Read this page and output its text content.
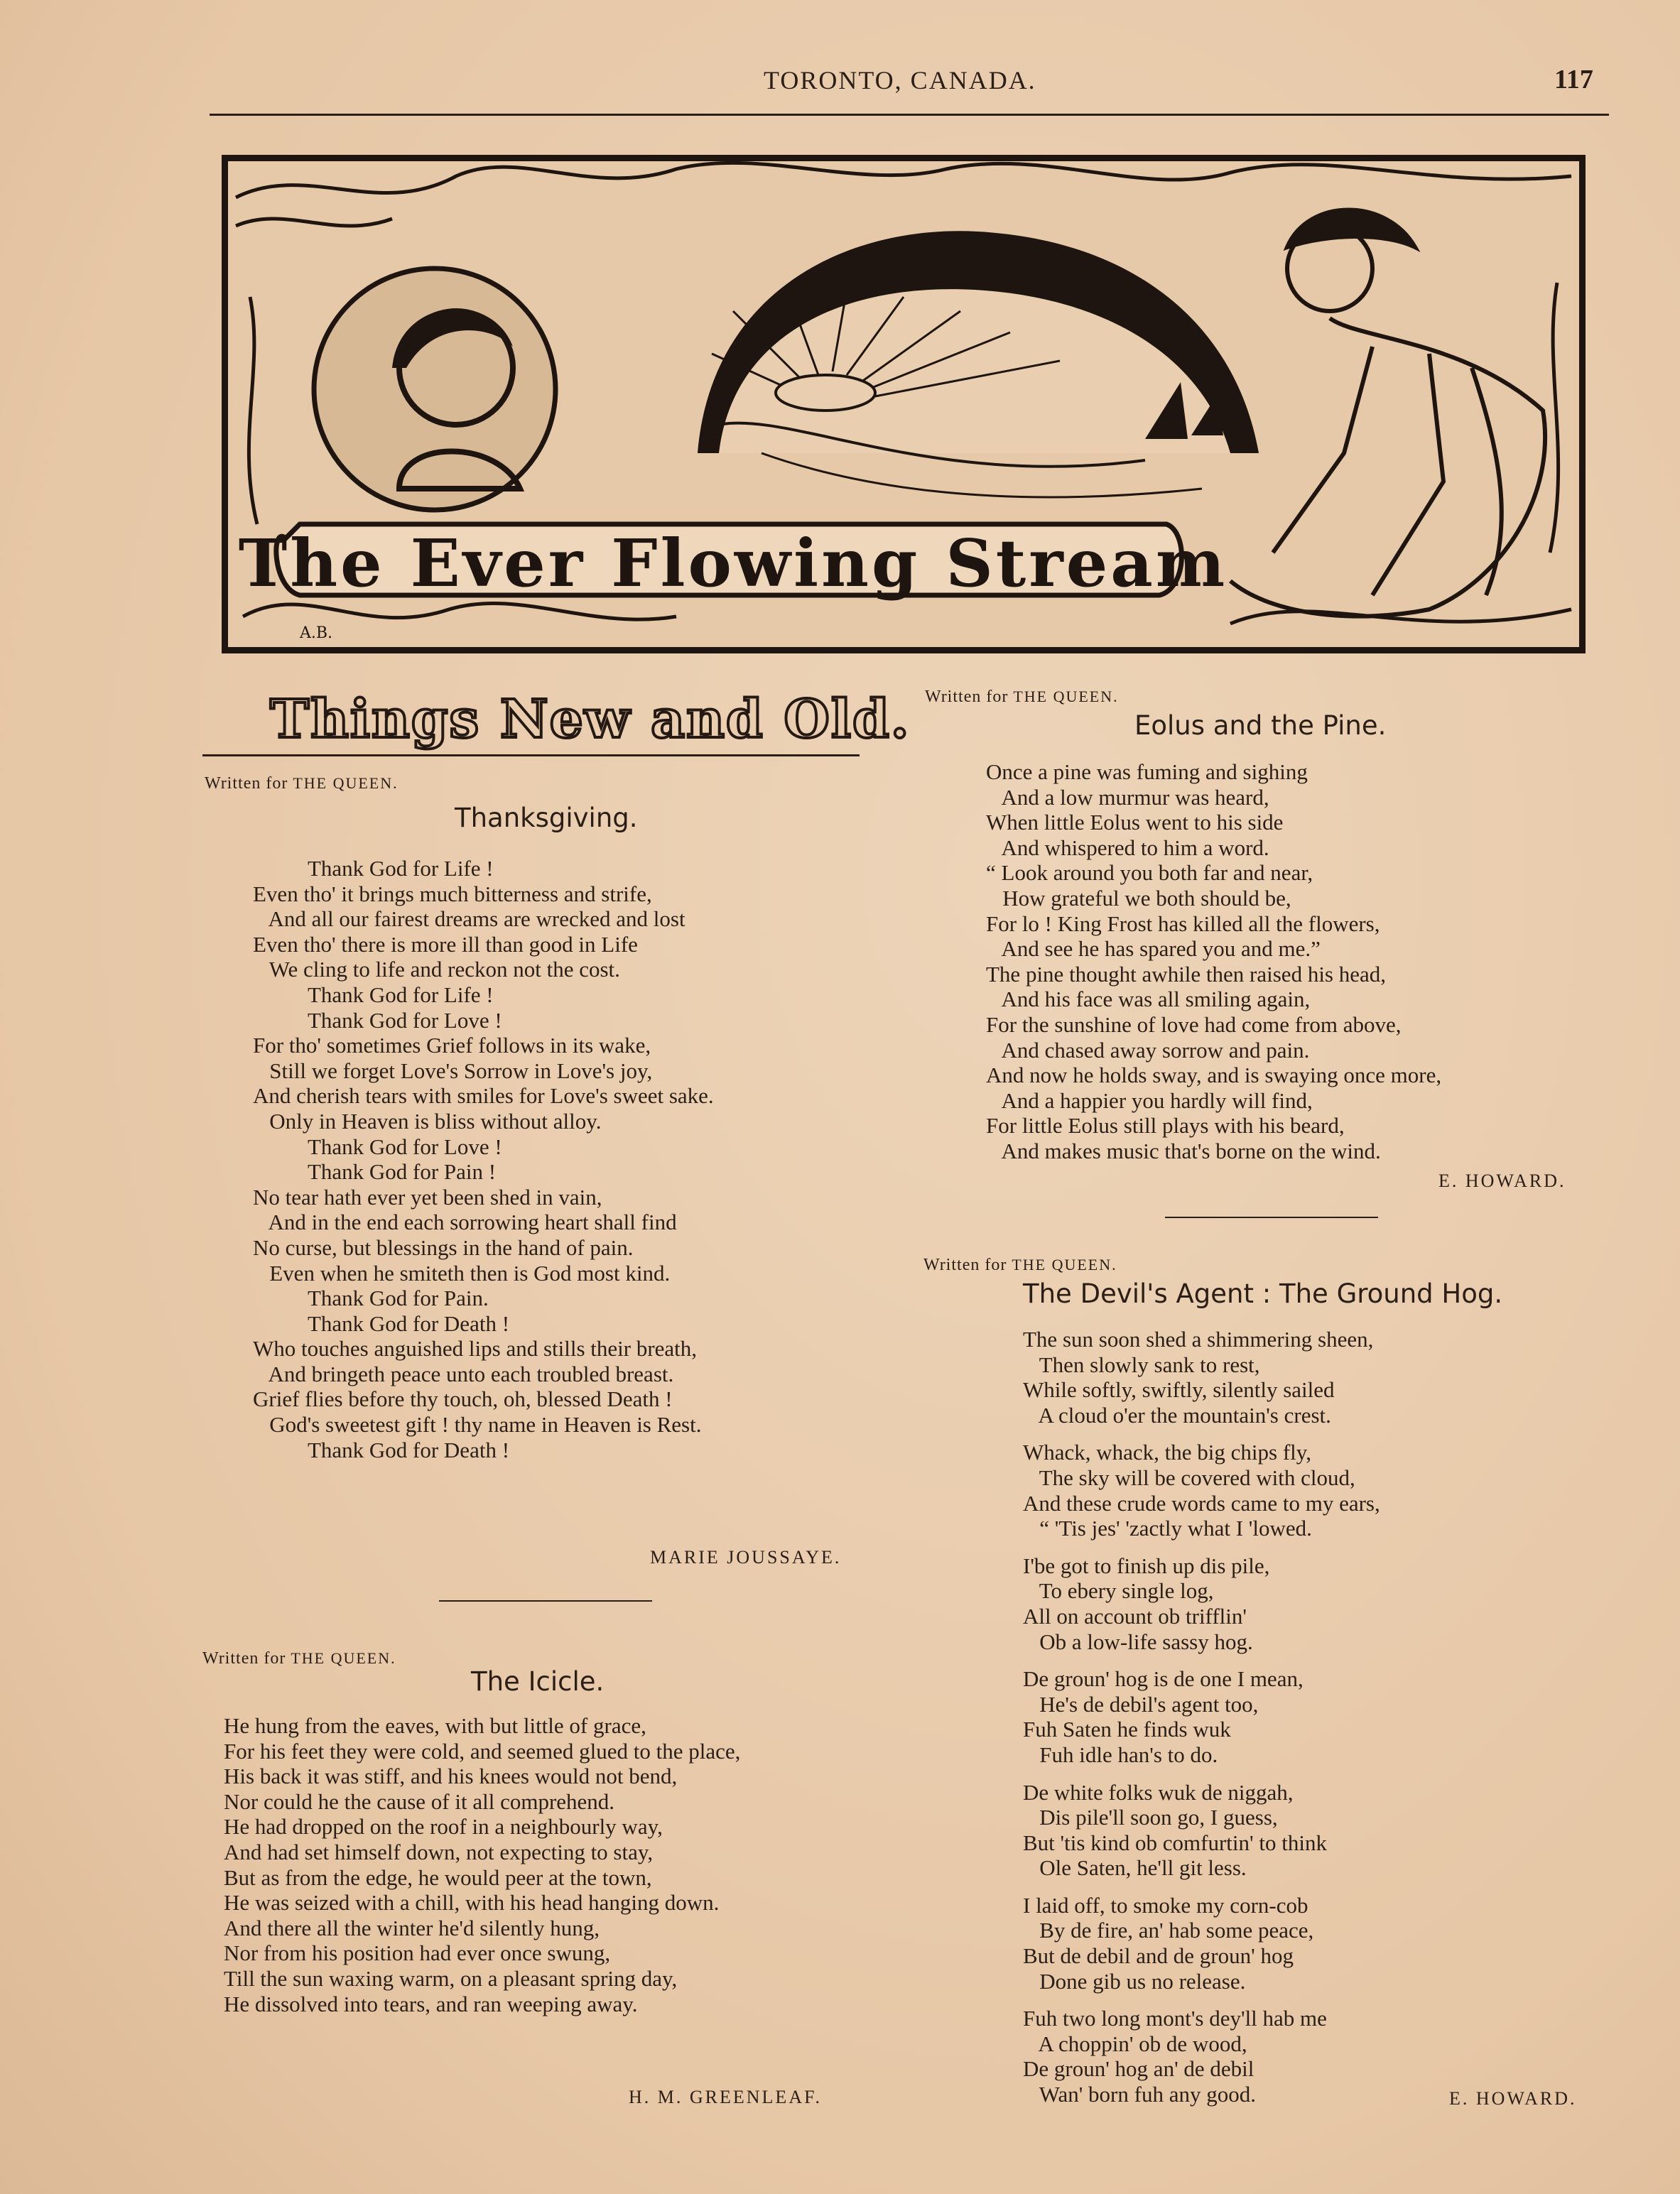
TORONTO, CANADA.	117
The Ever Flowing Stream
A.B.
Things New and Old.
Written for THE QUEEN.
Thanksgiving.
Thank God for Life !
Even tho' it brings much bitterness and strife,
And all our fairest dreams are wrecked and lost
Even tho' there is more ill than good in Life
We cling to life and reckon not the cost.
Thank God for Life !
Thank God for Love !
For tho' sometimes Grief follows in its wake,
Still we forget Love's Sorrow in Love's joy,
And cherish tears with smiles for Love's sweet sake.
Only in Heaven is bliss without alloy.
Thank God for Love !
Thank God for Pain !
No tear hath ever yet been shed in vain,
And in the end each sorrowing heart shall find
No curse, but blessings in the hand of pain.
Even when he smiteth then is God most kind.
Thank God for Pain.
Thank God for Death !
Who touches anguished lips and stills their breath,
And bringeth peace unto each troubled breast.
Grief flies before thy touch, oh, blessed Death !
God's sweetest gift ! thy name in Heaven is Rest.
Thank God for Death !
MARIE JOUSSAYE.
Written for THE QUEEN.
The Icicle.
He hung from the eaves, with but little of grace,
For his feet they were cold, and seemed glued to the place,
His back it was stiff, and his knees would not bend,
Nor could he the cause of it all comprehend.
He had dropped on the roof in a neighbourly way,
And had set himself down, not expecting to stay,
But as from the edge, he would peer at the town,
He was seized with a chill, with his head hanging down.
And there all the winter he'd silently hung,
Nor from his position had ever once swung,
Till the sun waxing warm, on a pleasant spring day,
He dissolved into tears, and ran weeping away.
H. M. GREENLEAF.
Written for THE QUEEN.
Eolus and the Pine.
Once a pine was fuming and sighing
And a low murmur was heard,
When little Eolus went to his side
And whispered to him a word.
“ Look around you both far and near,
How grateful we both should be,
For lo ! King Frost has killed all the flowers,
And see he has spared you and me.”
The pine thought awhile then raised his head,
And his face was all smiling again,
For the sunshine of love had come from above,
And chased away sorrow and pain.
And now he holds sway, and is swaying once more,
And a happier you hardly will find,
For little Eolus still plays with his beard,
And makes music that's borne on the wind.
E. HOWARD.
Written for THE QUEEN.
The Devil's Agent : The Ground Hog.
The sun soon shed a shimmering sheen,
Then slowly sank to rest,
While softly, swiftly, silently sailed
A cloud o'er the mountain's crest.
Whack, whack, the big chips fly,
The sky will be covered with cloud,
And these crude words came to my ears,
“ 'Tis jes' 'zactly what I 'lowed.
I'be got to finish up dis pile,
To ebery single log,
All on account ob trifflin'
Ob a low-life sassy hog.
De groun' hog is de one I mean,
He's de debil's agent too,
Fuh Saten he finds wuk
Fuh idle han's to do.
De white folks wuk de niggah,
Dis pile'll soon go, I guess,
But 'tis kind ob comfurtin' to think
Ole Saten, he'll git less.
I laid off, to smoke my corn-cob
By de fire, an' hab some peace,
But de debil and de groun' hog
Done gib us no release.
Fuh two long mont's dey'll hab me
A choppin' ob de wood,
De groun' hog an' de debil
Wan' born fuh any good.	E. HOWARD.
